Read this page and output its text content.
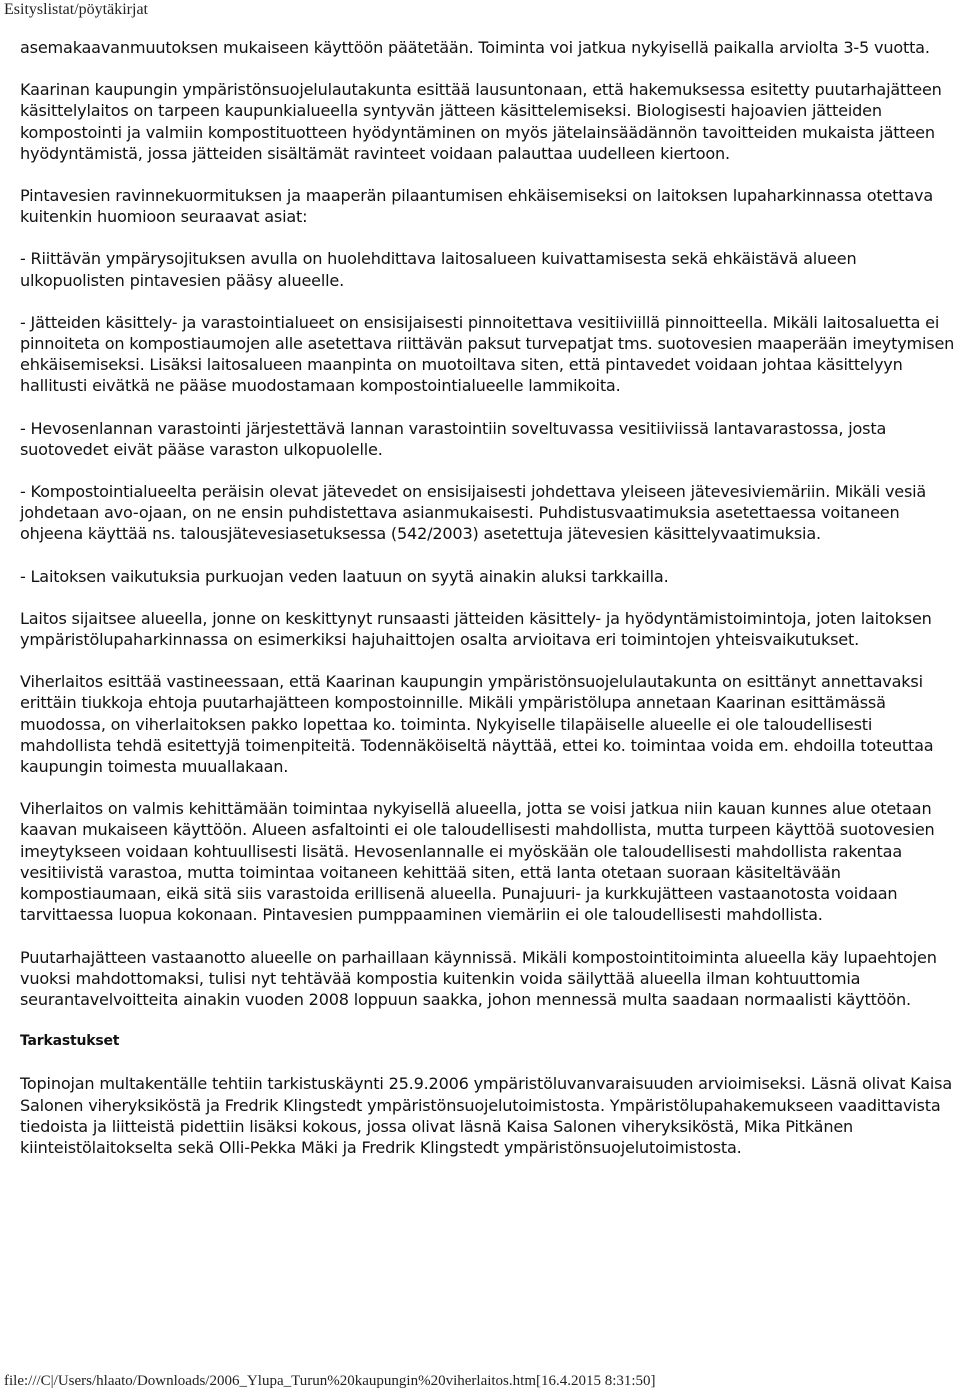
Esityslistat/pöytäkirjat

asemakaavanmuutoksen mukaiseen käyttöön päätetään. Toiminta voi jatkua nykyisellä paikalla arviolta 3-5 vuotta.

Kaarinan kaupungin ympäristönsuojelulautakunta esittää lausuntonaan, että hakemuksessa esitetty puutarhajätteen käsittelylaitos on tarpeen kaupunkialueella syntyvän jätteen käsittelemiseksi. Biologisesti hajoavien jätteiden kompostointi ja valmiin kompostituotteen hyödyntäminen on myös jätelainsäädännön tavoitteiden mukaista jätteen hyödyntämistä, jossa jätteiden sisältämät ravinteet voidaan palauttaa uudelleen kiertoon.

Pintavesien ravinnekuormituksen ja maaperän pilaantumisen ehkäisemiseksi on laitoksen lupaharkinnassa otettava kuitenkin huomioon seuraavat asiat:

- Riittävän ympärysojituksen avulla on huolehdittava laitosalueen kuivattamisesta sekä ehkäistävä alueen ulkopuolisten pintavesien pääsy alueelle.

- Jätteiden käsittely- ja varastointialueet on ensisijaisesti pinnoitettava vesitiiviillä pinnoitteella. Mikäli laitosaluetta ei pinnoiteta on kompostiaumojen alle asetettava riittävän paksut turvepatjat tms. suotovesien maaperään imeytymisen ehkäisemiseksi. Lisäksi laitosalueen maanpinta on muotoiltava siten, että pintavedet voidaan johtaa käsittelyyn hallitusti eivätkä ne pääse muodostamaan kompostointialueelle lammikoita.

- Hevosenlannan varastointi järjestettävä lannan varastointiin soveltuvassa vesitiiviissä lantavarastossa, josta suotovedet eivät pääse varaston ulkopuolelle.

- Kompostointialueelta peräisin olevat jätevedet on ensisijaisesti johdettava yleiseen jätevesiviemäriin. Mikäli vesiä johdetaan avo-ojaan, on ne ensin puhdistettava asianmukaisesti. Puhdistusvaatimuksia asetettaessa voitaneen ohjeena käyttää ns. talousjätevesiasetuksessa (542/2003) asetettuja jätevesien käsittelyvaatimuksia.

- Laitoksen vaikutuksia purkuojan veden laatuun on syytä ainakin aluksi tarkkailla.

Laitos sijaitsee alueella, jonne on keskittynyt runsaasti jätteiden käsittely- ja hyödyntämistoimintoja, joten laitoksen ympäristölupaharkinnassa on esimerkiksi hajuhaittojen osalta arvioitava eri toimintojen yhteisvaikutukset.

Viherlaitos esittää vastineessaan, että Kaarinan kaupungin ympäristönsuojelulautakunta on esittänyt annettavaksi erittäin tiukkoja ehtoja puutarhajätteen kompostoinnille. Mikäli ympäristölupa annetaan Kaarinan esittämässä muodossa, on viherlaitoksen pakko lopettaa ko. toiminta. Nykyiselle tilapäiselle alueelle ei ole taloudellisesti mahdollista tehdä esitettyjä toimenpiteitä. Todennäköiseltä näyttää, ettei ko. toimintaa voida em. ehdoilla toteuttaa kaupungin toimesta muuallakaan.

Viherlaitos on valmis kehittämään toimintaa nykyisellä alueella, jotta se voisi jatkua niin kauan kunnes alue otetaan kaavan mukaiseen käyttöön. Alueen asfaltointi ei ole taloudellisesti mahdollista, mutta turpeen käyttöä suotovesien imeytykseen voidaan kohtuullisesti lisätä. Hevosenlannalle ei myöskään ole taloudellisesti mahdollista rakentaa vesitiivistä varastoa, mutta toimintaa voitaneen kehittää siten, että lanta otetaan suoraan käsiteltävään kompostiaumaan, eikä sitä siis varastoida erillisenä alueella. Punajuuri- ja kurkkujätteen vastaanotosta voidaan tarvittaessa luopua kokonaan. Pintavesien pumppaaminen viemäriin ei ole taloudellisesti mahdollista.

Puutarhajätteen vastaanotto alueelle on parhaillaan käynnissä. Mikäli kompostointitoiminta alueella käy lupaehtojen vuoksi mahdottomaksi, tulisi nyt tehtävää kompostia kuitenkin voida säilyttää alueella ilman kohtuuttomia seurantavelvoitteita ainakin vuoden 2008 loppuun saakka, johon mennessä multa saadaan normaalisti käyttöön.

Tarkastukset

Topinojan multakentälle tehtiin tarkistuskäynti 25.9.2006 ympäristöluvanvaraisuuden arvioimiseksi. Läsnä olivat Kaisa Salonen viheryksiköstä ja Fredrik Klingstedt ympäristönsuojelutoimistosta. Ympäristölupahakemukseen vaadittavista tiedoista ja liitteistä pidettiin lisäksi kokous, jossa olivat läsnä Kaisa Salonen viheryksiköstä, Mika Pitkänen kiinteistölaitokselta sekä Olli-Pekka Mäki ja Fredrik Klingstedt ympäristönsuojelutoimistosta.

file:///C|/Users/hlaato/Downloads/2006_Ylupa_Turun%20kaupungin%20viherlaitos.htm[16.4.2015 8:31:50]
